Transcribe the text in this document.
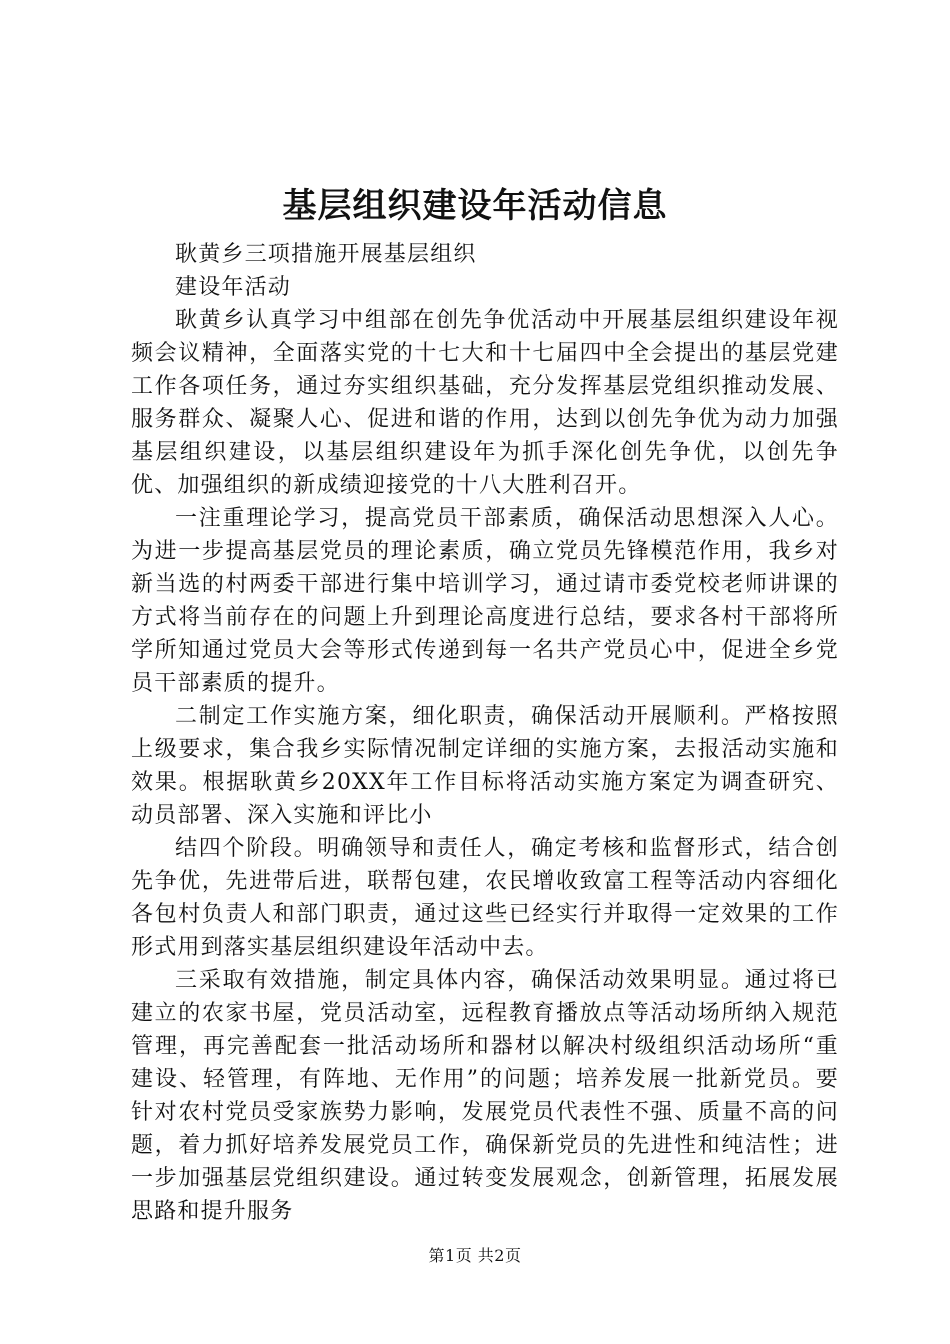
基层组织建设年活动信息

耿黄乡三项措施开展基层组织

建设年活动

耿黄乡认真学习中组部在创先争优活动中开展基层组织建设年视频会议精神，全面落实党的十七大和十七届四中全会提出的基层党建工作各项任务，通过夯实组织基础，充分发挥基层党组织推动发展、服务群众、凝聚人心、促进和谐的作用，达到以创先争优为动力加强基层组织建设，以基层组织建设年为抓手深化创先争优，以创先争优、加强组织的新成绩迎接党的十八大胜利召开。

一注重理论学习，提高党员干部素质，确保活动思想深入人心。为进一步提高基层党员的理论素质，确立党员先锋模范作用，我乡对新当选的村两委干部进行集中培训学习，通过请市委党校老师讲课的方式将当前存在的问题上升到理论高度进行总结，要求各村干部将所学所知通过党员大会等形式传递到每一名共产党员心中，促进全乡党员干部素质的提升。

二制定工作实施方案，细化职责，确保活动开展顺利。严格按照上级要求，集合我乡实际情况制定详细的实施方案，去报活动实施和效果。根据耿黄乡20XX年工作目标将活动实施方案定为调查研究、动员部署、深入实施和评比小

结四个阶段。明确领导和责任人，确定考核和监督形式，结合创先争优，先进带后进，联帮包建，农民增收致富工程等活动内容细化各包村负责人和部门职责，通过这些已经实行并取得一定效果的工作形式用到落实基层组织建设年活动中去。

三采取有效措施，制定具体内容，确保活动效果明显。通过将已建立的农家书屋，党员活动室，远程教育播放点等活动场所纳入规范管理，再完善配套一批活动场所和器材以解决村级组织活动场所“重建设、轻管理，有阵地、无作用”的问题；培养发展一批新党员。要针对农村党员受家族势力影响，发展党员代表性不强、质量不高的问题，着力抓好培养发展党员工作，确保新党员的先进性和纯洁性；进一步加强基层党组织建设。通过转变发展观念，创新管理，拓展发展思路和提升服务

第1页 共2页
